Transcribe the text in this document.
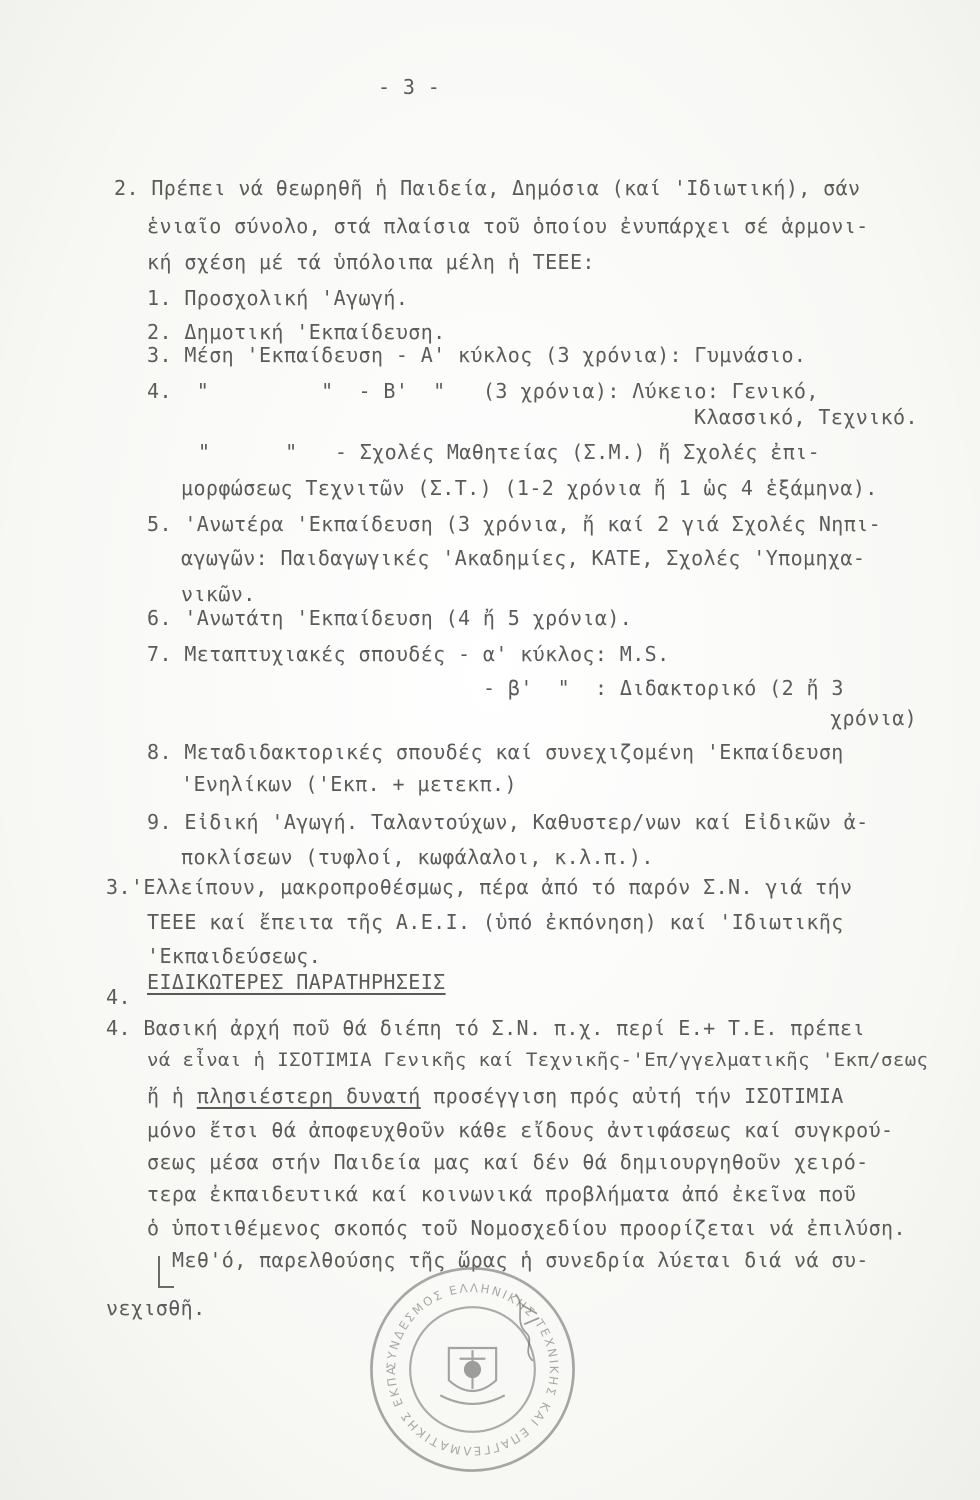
- 3 -
2. Πρέπει νά θεωρηθῆ ἡ Παιδεία, Δημόσια (καί 'Ιδιωτική), σάν
ἑνιαῖο σύνολο, στά πλαίσια τοῦ ὁποίου ἐνυπάρχει σέ ἁρμονι-
κή σχέση μέ τά ὑπόλοιπα μέλη ἡ ΤΕΕΕ:
1. Προσχολική 'Αγωγή.
2. Δημοτική 'Εκπαίδευση.
3. Μέση 'Εκπαίδευση - Α' κύκλος (3 χρόνια): Γυμνάσιο.
4.  "         "  - Β'  "   (3 χρόνια): Λύκειο: Γενικό,
Κλασσικό, Τεχνικό.
"      "   - Σχολές Μαθητείας (Σ.Μ.) ἤ Σχολές ἐπι-
μορφώσεως Τεχνιτῶν (Σ.Τ.) (1-2 χρόνια ἤ 1 ὡς 4 ἑξάμηνα).
5. 'Ανωτέρα 'Εκπαίδευση (3 χρόνια, ἤ καί 2 γιά Σχολές Νηπι-
αγωγῶν: Παιδαγωγικές 'Ακαδημίες, ΚΑΤΕ, Σχολές 'Υπομηχα-
νικῶν.
6. 'Ανωτάτη 'Εκπαίδευση (4 ἤ 5 χρόνια).
7. Μεταπτυχιακές σπουδές - α' κύκλος: M.S.
- β'  "  : Διδακτορικό (2 ἤ 3
χρόνια)
8. Μεταδιδακτορικές σπουδές καί συνεχιζομένη 'Εκπαίδευση
'Ενηλίκων ('Εκπ. + μετεκπ.)
9. Εἰδική 'Αγωγή. Ταλαντούχων, Καθυστερ/νων καί Εἰδικῶν ἀ-
ποκλίσεων (τυφλοί, κωφάλαλοι, κ.λ.π.).
3.'Ελλείπουν, μακροπροθέσμως, πέρα ἀπό τό παρόν Σ.Ν. γιά τήν
ΤΕΕΕ καί ἔπειτα τῆς Α.Ε.Ι. (ὑπό ἐκπόνηση) καί 'Ιδιωτικῆς
'Εκπαιδεύσεως.
4.
ΕΙΔΙΚΩΤΕΡΕΣ ΠΑΡΑΤΗΡΗΣΕΙΣ
4. Βασική ἀρχή ποῦ θά διέπη τό Σ.Ν. π.χ. περί Ε.+ Τ.Ε. πρέπει
νά εἶναι ἡ ΙΣΟΤΙΜΙΑ Γενικῆς καί Τεχνικῆς-'Επ/γγελματικῆς 'Εκπ/σεως
ἤ ἡ πλησιέστερη δυνατή προσέγγιση πρός αὐτή τήν ΙΣΟΤΙΜΙΑ
μόνο ἔτσι θά ἀποφευχθοῦν κάθε εἴδους ἀντιφάσεως καί συγκρού-
σεως μέσα στήν Παιδεία μας καί δέν θά δημιουργηθοῦν χειρό-
τερα ἐκπαιδευτικά καί κοινωνικά προβλήματα ἀπό ἐκεῖνα ποῦ
ὁ ὑποτιθέμενος σκοπός τοῦ Νομοσχεδίου προορίζεται νά ἐπιλύση.
Μεθ'ό, παρελθούσης τῆς ὥρας ἡ συνεδρία λύεται διά νά συ-
νεχισθῆ.
ΣΥΝΔΕΣΜΟΣ ΕΛΛΗΝΙΚΗΣ ΤΕΧΝΙΚΗΣ ΚΑΙ ΕΠΑΓΓΕΛΜΑΤΙΚΗΣ ΕΚΠΑ
